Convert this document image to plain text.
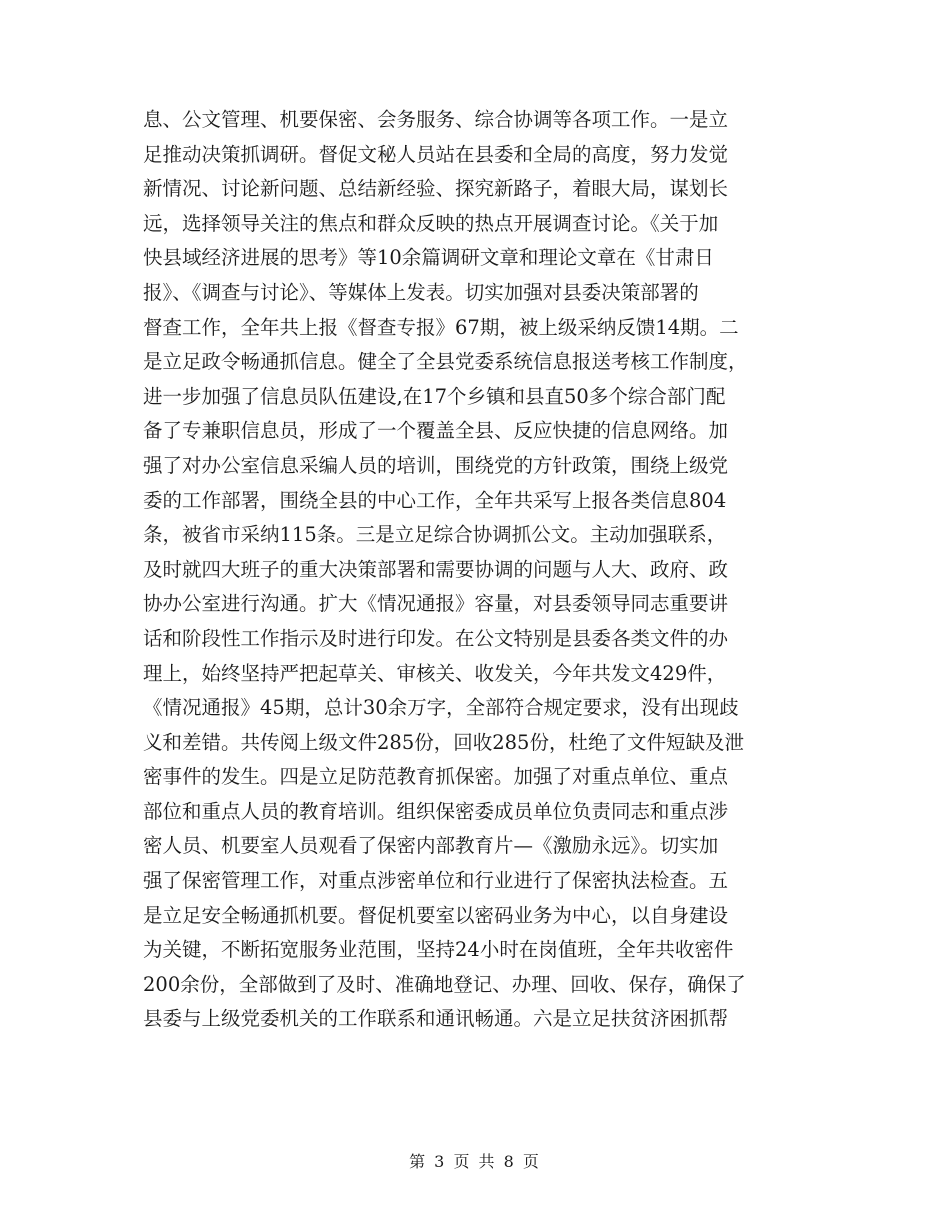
息、公文管理、机要保密、会务服务、综合协调等各项工作。一是立
足推动决策抓调研。督促文秘人员站在县委和全局的高度，努力发觉
新情况、讨论新问题、总结新经验、探究新路子，着眼大局，谋划长
远，选择领导关注的焦点和群众反映的热点开展调查讨论。《关于加
快县域经济进展的思考》等10余篇调研文章和理论文章在《甘肃日
报》、《调查与讨论》、等媒体上发表。切实加强对县委决策部署的
督查工作，全年共上报《督查专报》67期，被上级采纳反馈14期。二
是立足政令畅通抓信息。健全了全县党委系统信息报送考核工作制度，
进一步加强了信息员队伍建设,在17个乡镇和县直50多个综合部门配
备了专兼职信息员，形成了一个覆盖全县、反应快捷的信息网络。加
强了对办公室信息采编人员的培训，围绕党的方针政策，围绕上级党
委的工作部署，围绕全县的中心工作，全年共采写上报各类信息804
条，被省市采纳115条。三是立足综合协调抓公文。主动加强联系，
及时就四大班子的重大决策部署和需要协调的问题与人大、政府、政
协办公室进行沟通。扩大《情况通报》容量，对县委领导同志重要讲
话和阶段性工作指示及时进行印发。在公文特别是县委各类文件的办
理上，始终坚持严把起草关、审核关、收发关，今年共发文429件，
《情况通报》45期，总计30余万字，全部符合规定要求，没有出现歧
义和差错。共传阅上级文件285份，回收285份，杜绝了文件短缺及泄
密事件的发生。四是立足防范教育抓保密。加强了对重点单位、重点
部位和重点人员的教育培训。组织保密委成员单位负责同志和重点涉
密人员、机要室人员观看了保密内部教育片—《激励永远》。切实加
强了保密管理工作，对重点涉密单位和行业进行了保密执法检查。五
是立足安全畅通抓机要。督促机要室以密码业务为中心，以自身建设
为关键，不断拓宽服务业范围，坚持24小时在岗值班，全年共收密件
200余份，全部做到了及时、准确地登记、办理、回收、保存，确保了
县委与上级党委机关的工作联系和通讯畅通。六是立足扶贫济困抓帮
第 3 页 共 8 页
